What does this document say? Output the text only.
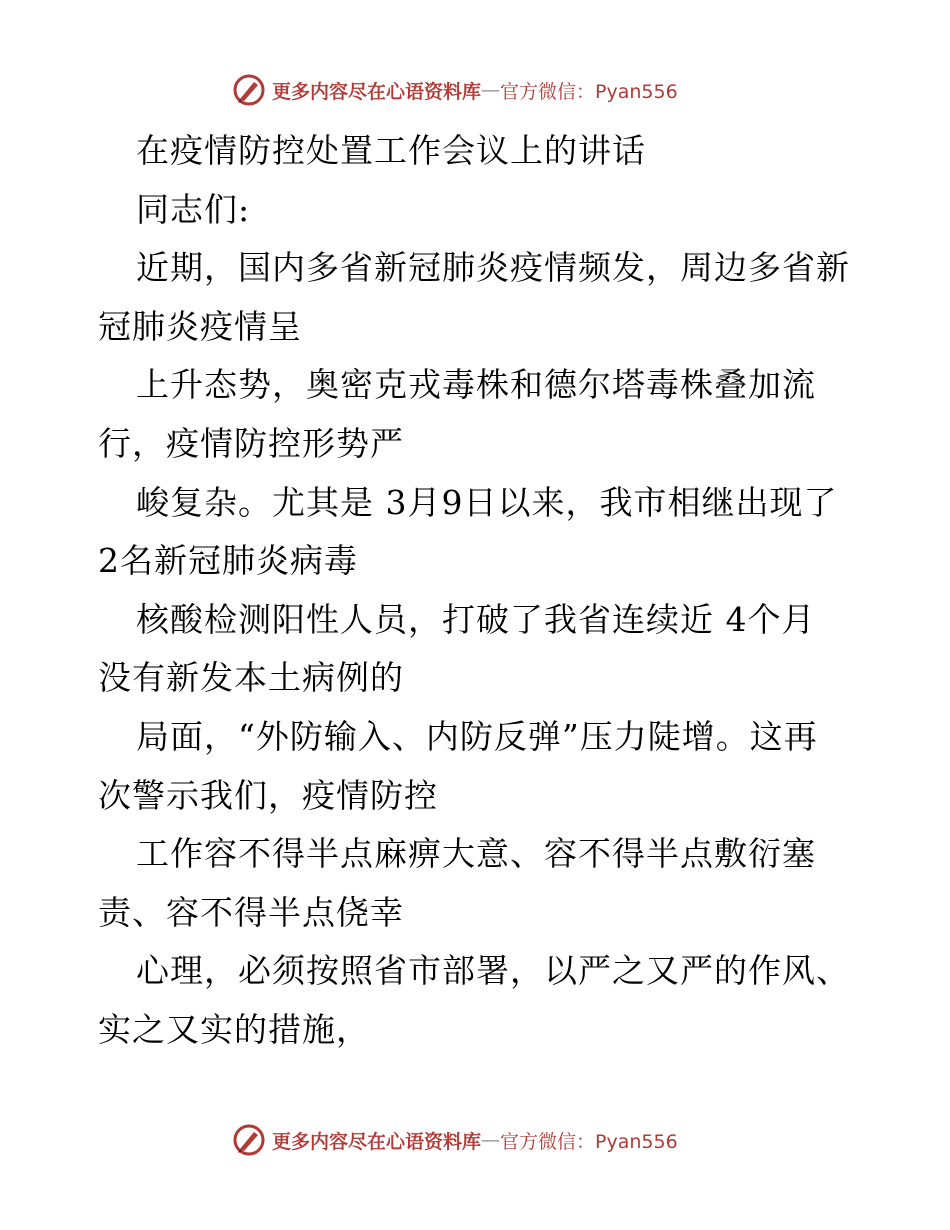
更多内容尽在心语资料库 — 官方微信：Pyan556
在疫情防控处置工作会议上的讲话
同志们:
近期，国内多省新冠肺炎疫情频发，周边多省新
冠肺炎疫情呈
上升态势，奥密克戎毒株和德尔塔毒株叠加流
行，疫情防控形势严
峻复杂。尤其是 3月9日以来，我市相继出现了
2名新冠肺炎病毒
核酸检测阳性人员，打破了我省连续近 4个月
没有新发本土病例的
局面，“外防输入、内防反弹”压力陡增。这再
次警示我们，疫情防控
工作容不得半点麻痹大意、容不得半点敷衍塞
责、容不得半点侥幸
心理，必须按照省市部署，以严之又严的作风、
实之又实的措施，
更多内容尽在心语资料库 — 官方微信：Pyan556
